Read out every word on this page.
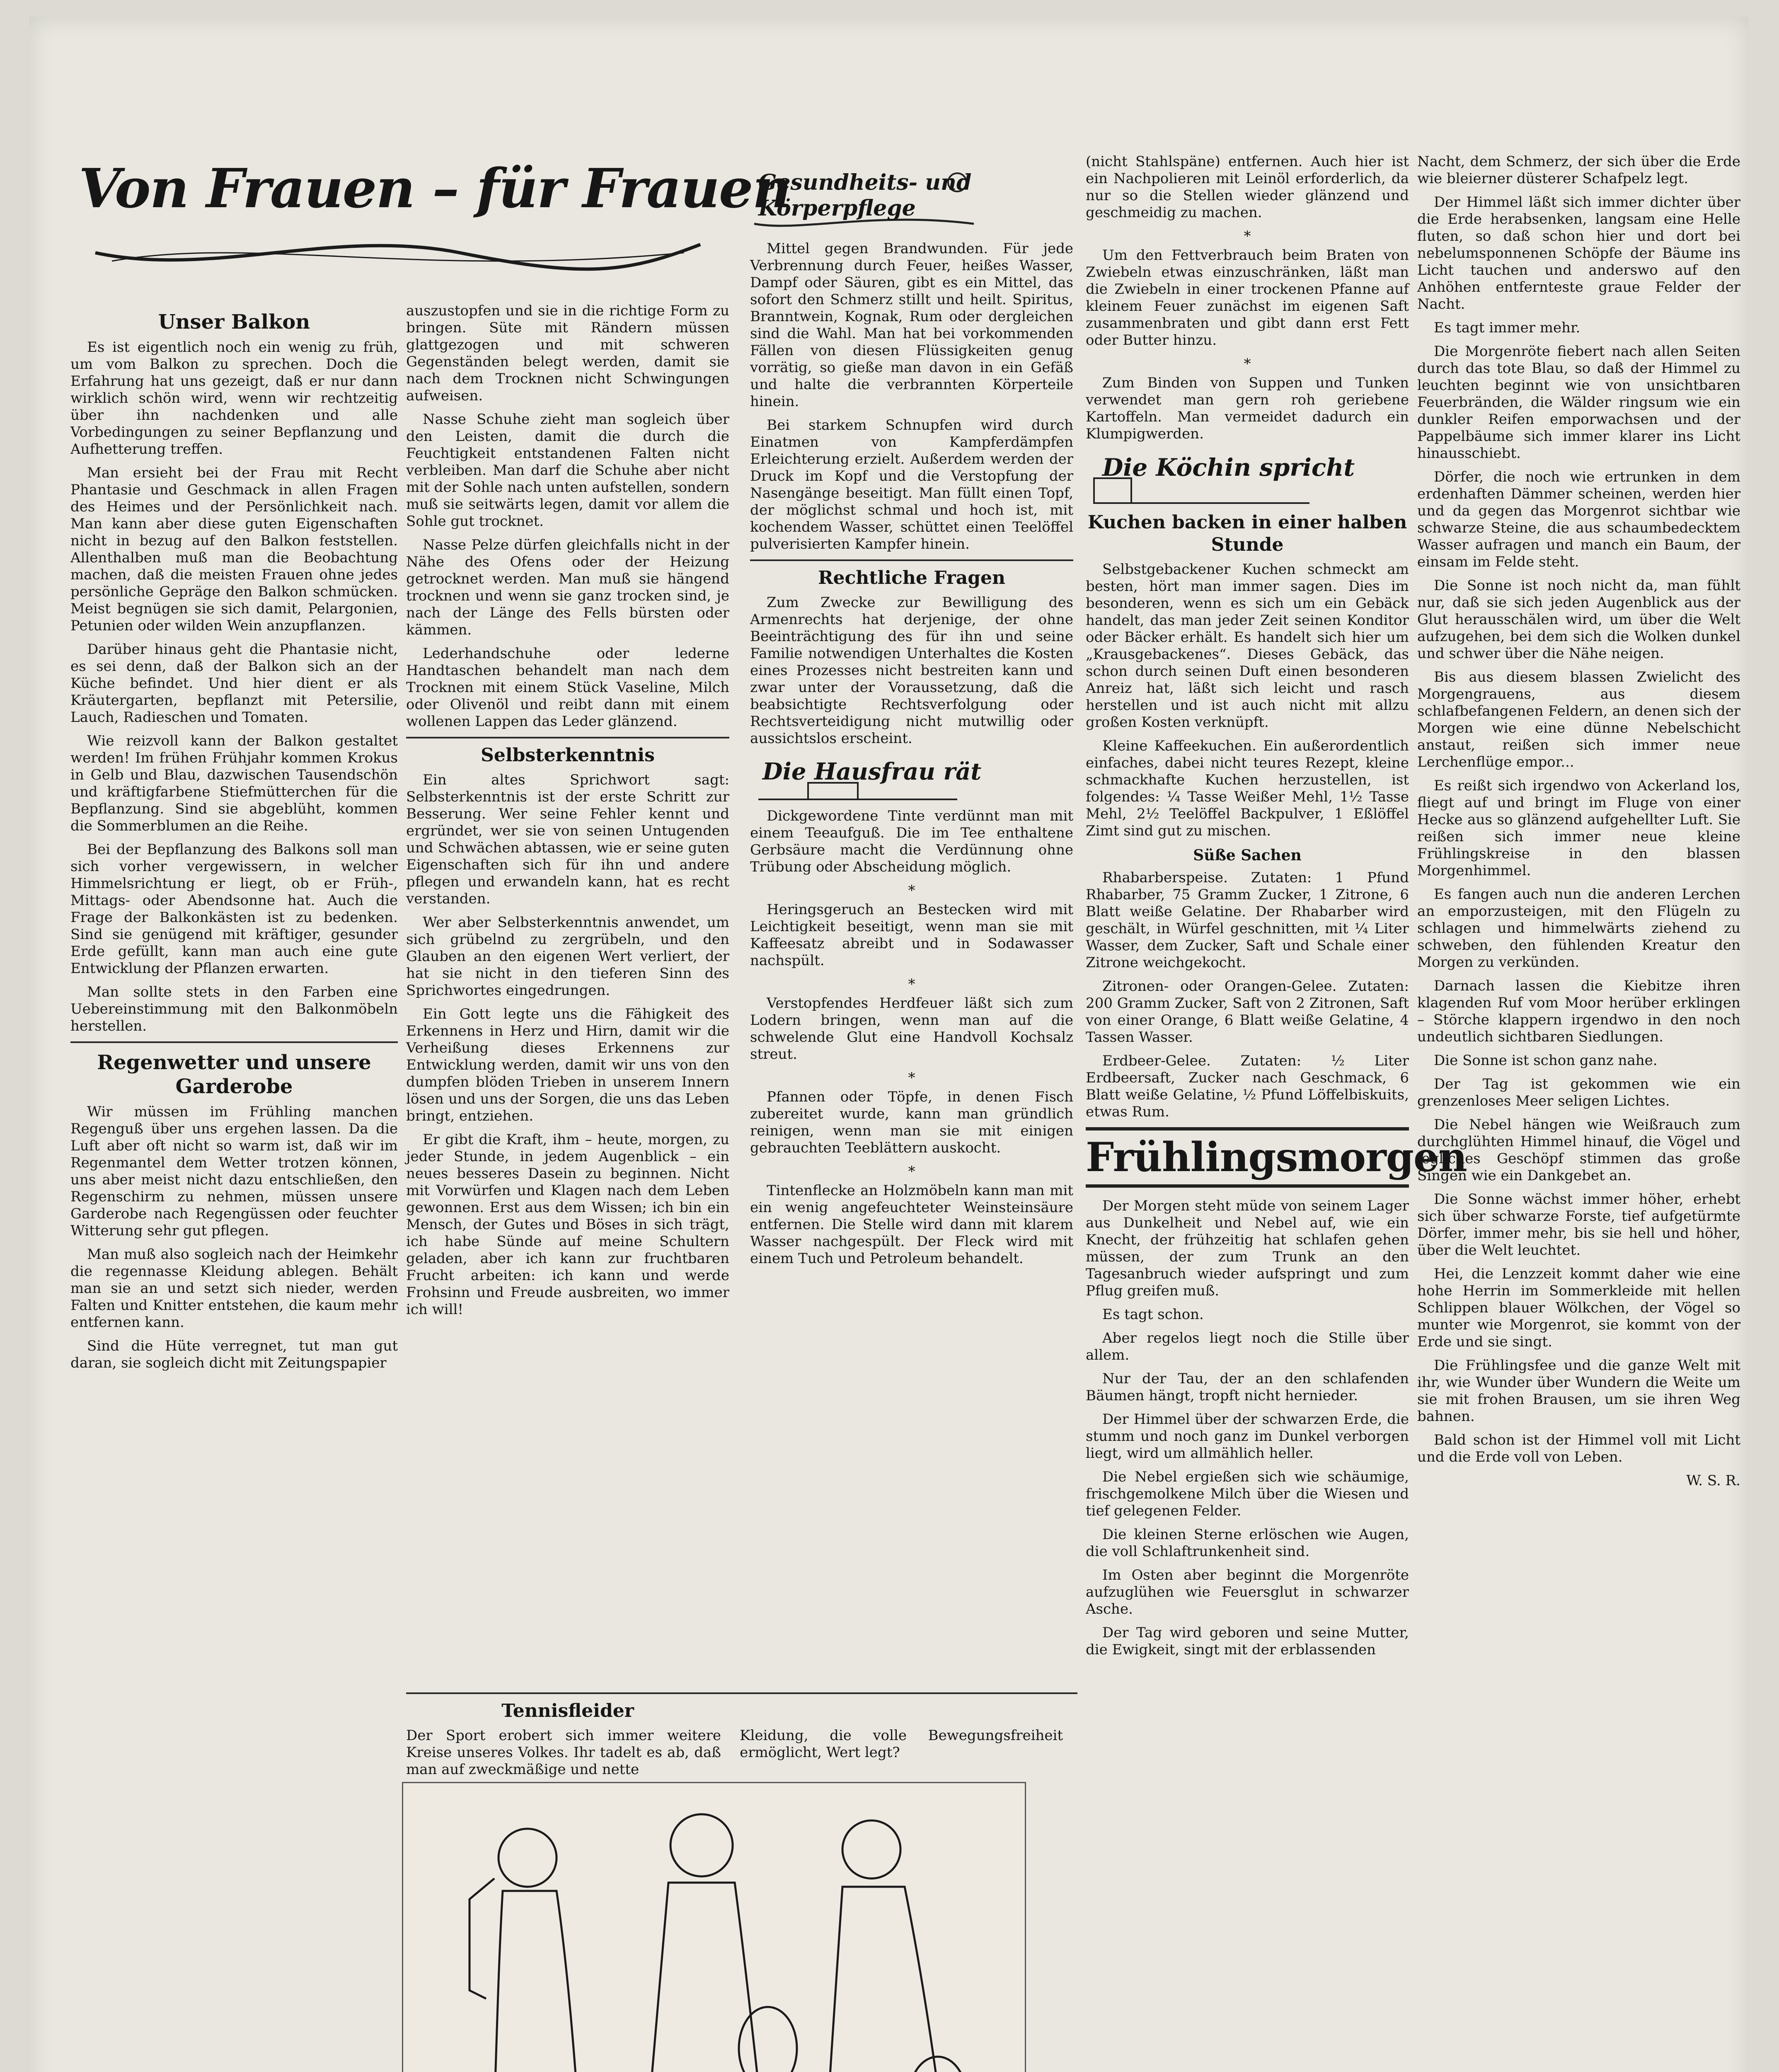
Von Frauen – für Frauen
Unser Balkon

Es ist eigentlich noch ein wenig zu früh, um vom Balkon zu sprechen. Doch die Erfahrung hat uns gezeigt, daß er nur dann wirklich schön wird, wenn wir rechtzeitig über ihn nachdenken und alle Vorbedingungen zu seiner Bepflanzung und Aufhetterung treffen.

Man ersieht bei der Frau mit Recht Phantasie und Geschmack in allen Fragen des Heimes und der Persönlichkeit nach. Man kann aber diese guten Eigenschaften nicht in bezug auf den Balkon feststellen. Allenthalben muß man die Beobachtung machen, daß die meisten Frauen ohne jedes persönliche Gepräge den Balkon schmücken. Meist begnügen sie sich damit, Pelargonien, Petunien oder wilden Wein anzupflanzen.

Darüber hinaus geht die Phantasie nicht, es sei denn, daß der Balkon sich an der Küche befindet. Und hier dient er als Kräutergarten, bepflanzt mit Petersilie, Lauch, Radieschen und Tomaten.

Wie reizvoll kann der Balkon gestaltet werden! Im frühen Frühjahr kommen Krokus in Gelb und Blau, dazwischen Tausendschön und kräftigfarbene Stiefmütterchen für die Bepflanzung. Sind sie abgeblüht, kommen die Sommerblumen an die Reihe.

Bei der Bepflanzung des Balkons soll man sich vorher vergewissern, in welcher Himmelsrichtung er liegt, ob er Früh-, Mittags- oder Abendsonne hat. Auch die Frage der Balkonkästen ist zu bedenken. Sind sie genügend mit kräftiger, gesunder Erde gefüllt, kann man auch eine gute Entwicklung der Pflanzen erwarten.

Man sollte stets in den Farben eine Uebereinstimmung mit den Balkonmöbeln herstellen.

Regenwetter und unsere Garderobe

Wir müssen im Frühling manchen Regenguß über uns ergehen lassen. Da die Luft aber oft nicht so warm ist, daß wir im Regenmantel dem Wetter trotzen können, uns aber meist nicht dazu entschließen, den Regenschirm zu nehmen, müssen unsere Garderobe nach Regengüssen oder feuchter Witterung sehr gut pflegen.

Man muß also sogleich nach der Heimkehr die regennasse Kleidung ablegen. Behält man sie an und setzt sich nieder, werden Falten und Knitter entstehen, die kaum mehr entfernen kann.

Sind die Hüte verregnet, tut man gut daran, sie sogleich dicht mit Zeitungspapier

auszustopfen und sie in die richtige Form zu bringen. Süte mit Rändern müssen glattgezogen und mit schweren Gegenständen belegt werden, damit sie nach dem Trocknen nicht Schwingungen aufweisen.

Nasse Schuhe zieht man sogleich über den Leisten, damit die durch die Feuchtigkeit entstandenen Falten nicht verbleiben. Man darf die Schuhe aber nicht mit der Sohle nach unten aufstellen, sondern muß sie seitwärts legen, damit vor allem die Sohle gut trocknet.

Nasse Pelze dürfen gleichfalls nicht in der Nähe des Ofens oder der Heizung getrocknet werden. Man muß sie hängend trocknen und wenn sie ganz trocken sind, je nach der Länge des Fells bürsten oder kämmen.

Lederhandschuhe oder lederne Handtaschen behandelt man nach dem Trocknen mit einem Stück Vaseline, Milch oder Olivenöl und reibt dann mit einem wollenen Lappen das Leder glänzend.

Selbsterkenntnis

Ein altes Sprichwort sagt: Selbsterkenntnis ist der erste Schritt zur Besserung. Wer seine Fehler kennt und ergründet, wer sie von seinen Untugenden und Schwächen abtassen, wie er seine guten Eigenschaften sich für ihn und andere pflegen und erwandeln kann, hat es recht verstanden.

Wer aber Selbsterkenntnis anwendet, um sich grübelnd zu zergrübeln, und den Glauben an den eigenen Wert verliert, der hat sie nicht in den tieferen Sinn des Sprichwortes eingedrungen.

Ein Gott legte uns die Fähigkeit des Erkennens in Herz und Hirn, damit wir die Verheißung dieses Erkennens zur Entwicklung werden, damit wir uns von den dumpfen blöden Trieben in unserem Innern lösen und uns der Sorgen, die uns das Leben bringt, entziehen.

Er gibt die Kraft, ihm – heute, morgen, zu jeder Stunde, in jedem Augenblick – ein neues besseres Dasein zu beginnen. Nicht mit Vorwürfen und Klagen nach dem Leben gewonnen. Erst aus dem Wissen; ich bin ein Mensch, der Gutes und Böses in sich trägt, ich habe Sünde auf meine Schultern geladen, aber ich kann zur fruchtbaren Frucht arbeiten: ich kann und werde Frohsinn und Freude ausbreiten, wo immer ich will!

Gesundheits- und Körperpflege

Mittel gegen Brandwunden. Für jede Verbrennung durch Feuer, heißes Wasser, Dampf oder Säuren, gibt es ein Mittel, das sofort den Schmerz stillt und heilt. Spiritus, Branntwein, Kognak, Rum oder dergleichen sind die Wahl. Man hat bei vorkommenden Fällen von diesen Flüssigkeiten genug vorrätig, so gieße man davon in ein Gefäß und halte die verbrannten Körperteile hinein.

Bei starkem Schnupfen wird durch Einatmen von Kampferdämpfen Erleichterung erzielt. Außerdem werden der Druck im Kopf und die Verstopfung der Nasengänge beseitigt. Man füllt einen Topf, der möglichst schmal und hoch ist, mit kochendem Wasser, schüttet einen Teelöffel pulverisierten Kampfer hinein.

Rechtliche Fragen

Zum Zwecke zur Bewilligung des Armenrechts hat derjenige, der ohne Beeinträchtigung des für ihn und seine Familie notwendigen Unterhaltes die Kosten eines Prozesses nicht bestreiten kann und zwar unter der Voraussetzung, daß die beabsichtigte Rechtsverfolgung oder Rechtsverteidigung nicht mutwillig oder aussichtslos erscheint.

Die Hausfrau rät

Dickgewordene Tinte verdünnt man mit einem Teeaufguß. Die im Tee enthaltene Gerbsäure macht die Verdünnung ohne Trübung oder Abscheidung möglich.

*

Heringsgeruch an Bestecken wird mit Leichtigkeit beseitigt, wenn man sie mit Kaffeesatz abreibt und in Sodawasser nachspült.

*

Verstopfendes Herdfeuer läßt sich zum Lodern bringen, wenn man auf die schwelende Glut eine Handvoll Kochsalz streut.

*

Pfannen oder Töpfe, in denen Fisch zubereitet wurde, kann man gründlich reinigen, wenn man sie mit einigen gebrauchten Teeblättern auskocht.

*

Tintenflecke an Holzmöbeln kann man mit ein wenig angefeuchteter Weinsteinsäure entfernen. Die Stelle wird dann mit klarem Wasser nachgespült. Der Fleck wird mit einem Tuch und Petroleum behandelt.

(nicht Stahlspäne) entfernen. Auch hier ist ein Nachpolieren mit Leinöl erforderlich, da nur so die Stellen wieder glänzend und geschmeidig zu machen.

*

Um den Fettverbrauch beim Braten von Zwiebeln etwas einzuschränken, läßt man die Zwiebeln in einer trockenen Pfanne auf kleinem Feuer zunächst im eigenen Saft zusammenbraten und gibt dann erst Fett oder Butter hinzu.

*

Zum Binden von Suppen und Tunken verwendet man gern roh geriebene Kartoffeln. Man vermeidet dadurch ein Klumpigwerden.

Die Köchin spricht
Kuchen backen in einer halben Stunde

Selbstgebackener Kuchen schmeckt am besten, hört man immer sagen. Dies im besonderen, wenn es sich um ein Gebäck handelt, das man jeder Zeit seinen Konditor oder Bäcker erhält. Es handelt sich hier um „Krausgebackenes“. Dieses Gebäck, das schon durch seinen Duft einen besonderen Anreiz hat, läßt sich leicht und rasch herstellen und ist auch nicht mit allzu großen Kosten verknüpft.

Kleine Kaffeekuchen. Ein außerordentlich einfaches, dabei nicht teures Rezept, kleine schmackhafte Kuchen herzustellen, ist folgendes: ¼ Tasse Weißer Mehl, 1½ Tasse Mehl, 2½ Teelöffel Backpulver, 1 Eßlöffel Zimt sind gut zu mischen.

Süße Sachen

Rhabarberspeise. Zutaten: 1 Pfund Rhabarber, 75 Gramm Zucker, 1 Zitrone, 6 Blatt weiße Gelatine. Der Rhabarber wird geschält, in Würfel geschnitten, mit ¼ Liter Wasser, dem Zucker, Saft und Schale einer Zitrone weichgekocht.

Zitronen- oder Orangen-Gelee. Zutaten: 200 Gramm Zucker, Saft von 2 Zitronen, Saft von einer Orange, 6 Blatt weiße Gelatine, 4 Tassen Wasser.

Erdbeer-Gelee. Zutaten: ½ Liter Erdbeersaft, Zucker nach Geschmack, 6 Blatt weiße Gelatine, ½ Pfund Löffelbiskuits, etwas Rum.

Frühlingsmorgen

Der Morgen steht müde von seinem Lager aus Dunkelheit und Nebel auf, wie ein Knecht, der frühzeitig hat schlafen gehen müssen, der zum Trunk an den Tagesanbruch wieder aufspringt und zum Pflug greifen muß.

Es tagt schon.

Aber regelos liegt noch die Stille über allem.

Nur der Tau, der an den schlafenden Bäumen hängt, tropft nicht hernieder.

Der Himmel über der schwarzen Erde, die stumm und noch ganz im Dunkel verborgen liegt, wird um allmählich heller.

Die Nebel ergießen sich wie schäumige, frischgemolkene Milch über die Wiesen und tief gelegenen Felder.

Die kleinen Sterne erlöschen wie Augen, die voll Schlaftrunkenheit sind.

Im Osten aber beginnt die Morgenröte aufzuglühen wie Feuersglut in schwarzer Asche.

Der Tag wird geboren und seine Mutter, die Ewigkeit, singt mit der erblassenden

Nacht, dem Schmerz, der sich über die Erde wie bleierner düsterer Schafpelz legt.

Der Himmel läßt sich immer dichter über die Erde herabsenken, langsam eine Helle fluten, so daß schon hier und dort bei nebelumsponnenen Schöpfe der Bäume ins Licht tauchen und anderswo auf den Anhöhen entfernteste graue Felder der Nacht.

Es tagt immer mehr.

Die Morgenröte fiebert nach allen Seiten durch das tote Blau, so daß der Himmel zu leuchten beginnt wie von unsichtbaren Feuerbränden, die Wälder ringsum wie ein dunkler Reifen emporwachsen und der Pappelbäume sich immer klarer ins Licht hinausschiebt.

Dörfer, die noch wie ertrunken in dem erdenhaften Dämmer scheinen, werden hier und da gegen das Morgenrot sichtbar wie schwarze Steine, die aus schaumbedecktem Wasser aufragen und manch ein Baum, der einsam im Felde steht.

Die Sonne ist noch nicht da, man fühlt nur, daß sie sich jeden Augenblick aus der Glut herausschälen wird, um über die Welt aufzugehen, bei dem sich die Wolken dunkel und schwer über die Nähe neigen.

Bis aus diesem blassen Zwielicht des Morgengrauens, aus diesem schlafbefangenen Feldern, an denen sich der Morgen wie eine dünne Nebelschicht anstaut, reißen sich immer neue Lerchenflüge empor...

Es reißt sich irgendwo von Ackerland los, fliegt auf und bringt im Fluge von einer Hecke aus so glänzend aufgehellter Luft. Sie reißen sich immer neue kleine Frühlingskreise in den blassen Morgenhimmel.

Es fangen auch nun die anderen Lerchen an emporzusteigen, mit den Flügeln zu schlagen und himmelwärts ziehend zu schweben, den fühlenden Kreatur den Morgen zu verkünden.

Darnach lassen die Kiebitze ihren klagenden Ruf vom Moor herüber erklingen – Störche klappern irgendwo in den noch undeutlich sichtbaren Siedlungen.

Die Sonne ist schon ganz nahe.

Der Tag ist gekommen wie ein grenzenloses Meer seligen Lichtes.

Die Nebel hängen wie Weißrauch zum durchglühten Himmel hinauf, die Vögel und jegliches Geschöpf stimmen das große Singen wie ein Dankgebet an.

Die Sonne wächst immer höher, erhebt sich über schwarze Forste, tief aufgetürmte Dörfer, immer mehr, bis sie hell und höher, über die Welt leuchtet.

Hei, die Lenzzeit kommt daher wie eine hohe Herrin im Sommerkleide mit hellen Schlippen blauer Wölkchen, der Vögel so munter wie Morgenrot, sie kommt von der Erde und sie singt.

Die Frühlingsfee und die ganze Welt mit ihr, wie Wunder über Wundern die Weite um sie mit frohen Brausen, um sie ihren Weg bahnen.

Bald schon ist der Himmel voll mit Licht und die Erde voll von Leben.

W. S. R.

Tennisfleider

Der Sport erobert sich immer weitere Kreise unseres Volkes. Ihr tadelt es ab, daß man auf zweckmäßige und nette

Kleidung, die volle Bewegungsfreiheit ermöglicht, Wert legt?
